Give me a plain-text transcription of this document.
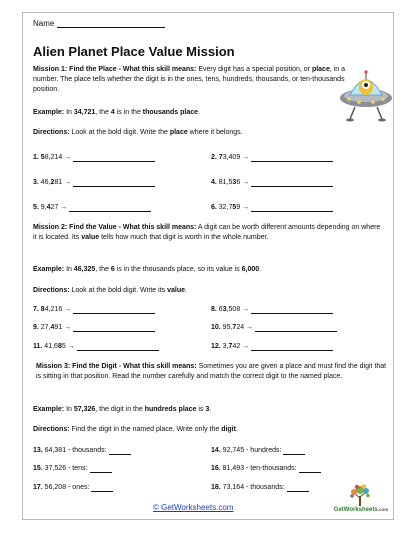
Name
Alien Planet Place Value Mission

Mission 1: Find the Place - What this skill means: Every digit has a special position, or place, in a number. The place tells whether the digit is in the ones, tens, hundreds, thousands, or ten-thousands position.

Example: In 34,721, the 4 is in the thousands place.

Directions: Look at the bold digit. Write the place where it belongs.

1. 58,214 →	2. 73,409 →
3. 46,281 →	4. 81,536 →
5. 9,427 →	6. 32,759 →

Mission 2: Find the Value - What this skill means: A digit can be worth different amounts depending on where it is located. Its value tells how much that digit is worth in the whole number.

Example: In 46,325, the 6 is in the thousands place, so its value is 6,000.

Directions: Look at the bold digit. Write its value.

7. 84,216 →	8. 63,508 →
9. 27,491 →	10. 95,724 →
11. 41,685 →	12. 3,742 →

Mission 3: Find the Digit - What this skill means: Sometimes you are given a place and must find the digit that is sitting in that position. Read the number carefully and match the correct digit to the named place.

Example: In 57,326, the digit in the hundreds place is 3.

Directions: Find the digit in the named place. Write only the digit.

13. 64,381 - thousands:	14. 92,745 - hundreds:
15. 37,526 - tens:	16. 81,493 - ten-thousands:
17. 56,208 - ones:	18. 73,164 - thousands:
© GetWorksheets.com	GetWorksheets.com
